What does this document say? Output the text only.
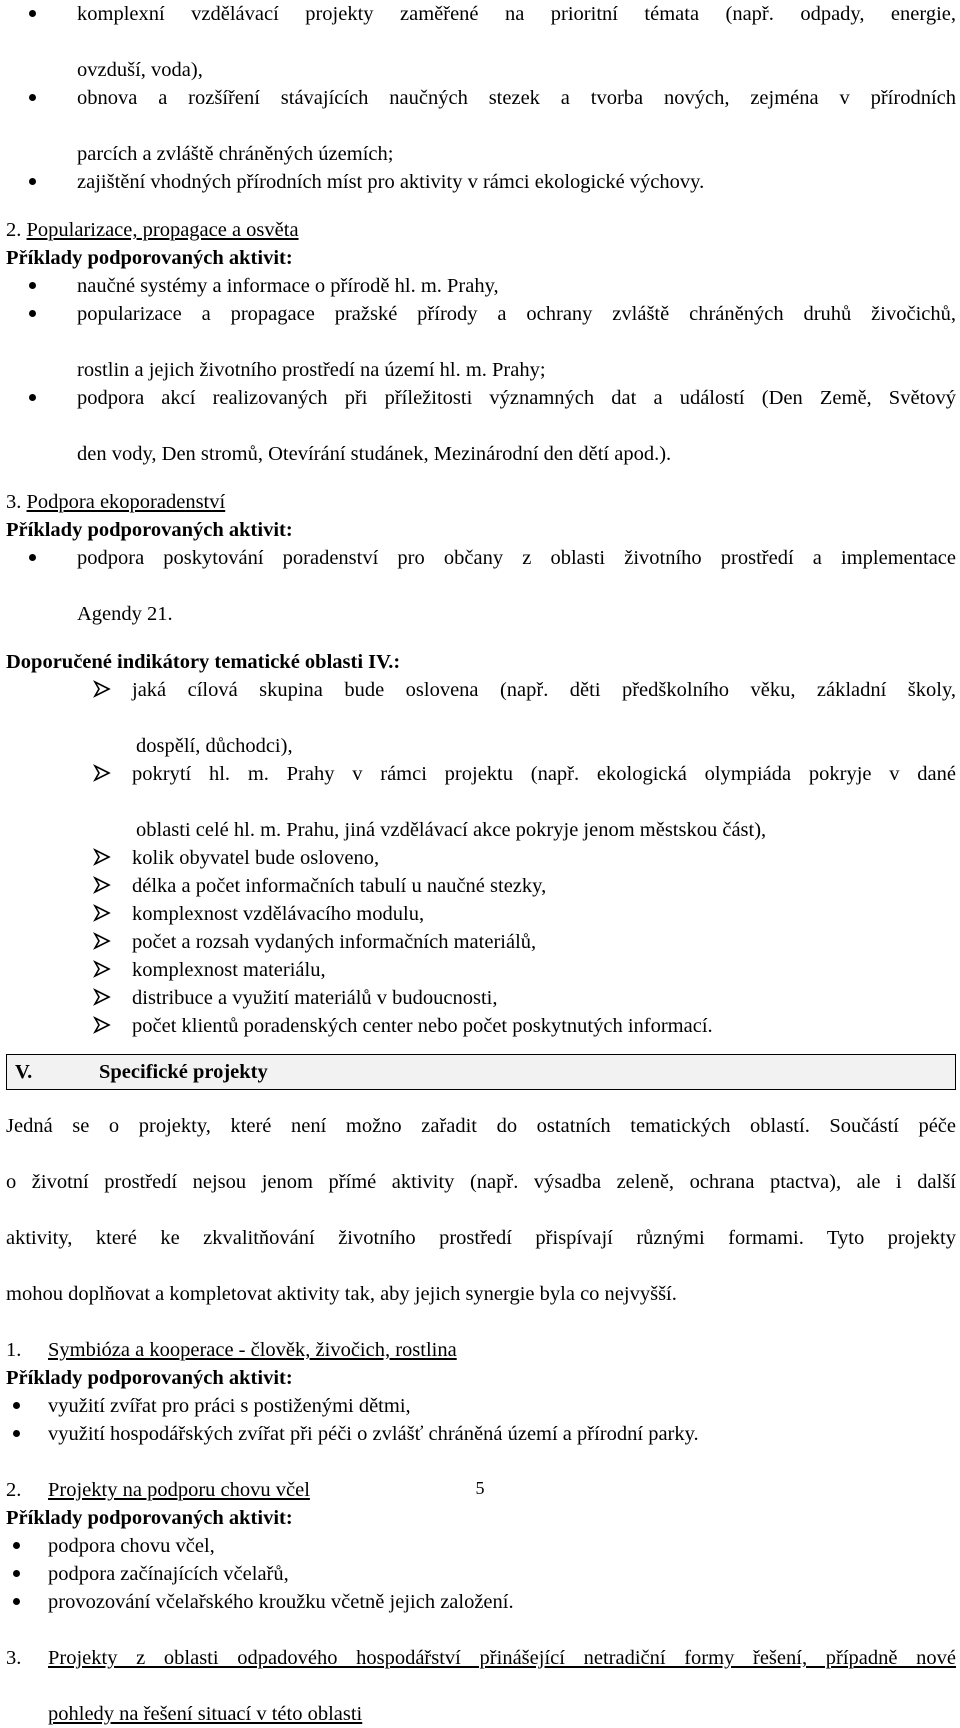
komplexní vzdělávací projekty zaměřené na prioritní témata (např. odpady, energie,
ovzduší, voda),
obnova a rozšíření stávajících naučných stezek a tvorba nových, zejména v přírodních
parcích a zvláště chráněných územích;
zajištění vhodných přírodních míst pro aktivity v rámci ekologické výchovy.

2. Popularizace, propagace a osvěta

Příklady podporovaných aktivit:

naučné systémy a informace o přírodě hl. m. Prahy,
popularizace a propagace pražské přírody a ochrany zvláště chráněných druhů živočichů,
rostlin a jejich životního prostředí na území hl. m. Prahy;
podpora akcí realizovaných při příležitosti významných dat a událostí (Den Země, Světový
den vody, Den stromů, Otevírání studánek, Mezinárodní den dětí apod.).

3. Podpora ekoporadenství

Příklady podporovaných aktivit:

podpora poskytování poradenství pro občany z oblasti životního prostředí a implementace
Agendy 21.

Doporučené indikátory tematické oblasti IV.:

jaká cílová skupina bude oslovena (např. děti předškolního věku, základní školy,
dospělí, důchodci),
pokrytí hl. m. Prahy v rámci projektu (např. ekologická olympiáda pokryje v dané
oblasti celé hl. m. Prahu, jiná vzdělávací akce pokryje jenom městskou část),
kolik obyvatel bude osloveno,
délka a počet informačních tabulí u naučné stezky,
komplexnost vzdělávacího modulu,
počet a rozsah vydaných informačních materiálů,
komplexnost materiálu,
distribuce a využití materiálů v budoucnosti,
počet klientů poradenských center nebo počet poskytnutých informací.
V.	Specifické projekty
Jedná se o projekty, které není možno zařadit do ostatních tematických oblastí. Součástí péče
o životní prostředí nejsou jenom přímé aktivity (např. výsadba zeleně, ochrana ptactva), ale i další
aktivity, které ke zkvalitňování životního prostředí přispívají různými formami. Tyto projekty
mohou doplňovat a kompletovat aktivity tak, aby jejich synergie byla co nejvyšší.

1. Symbióza a kooperace - člověk, živočich, rostlina

Příklady podporovaných aktivit:

využití zvířat pro práci s postiženými dětmi,
využití hospodářských zvířat při péči o zvlášť chráněná území a přírodní parky.

2. Projekty na podporu chovu včel

Příklady podporovaných aktivit:

podpora chovu včel,
podpora začínajících včelařů,
provozování včelařského kroužku včetně jejich založení.
3. Projekty z oblasti odpadového hospodářství přinášející netradiční formy řešení, případně nové
pohledy na řešení situací v této oblasti
5
